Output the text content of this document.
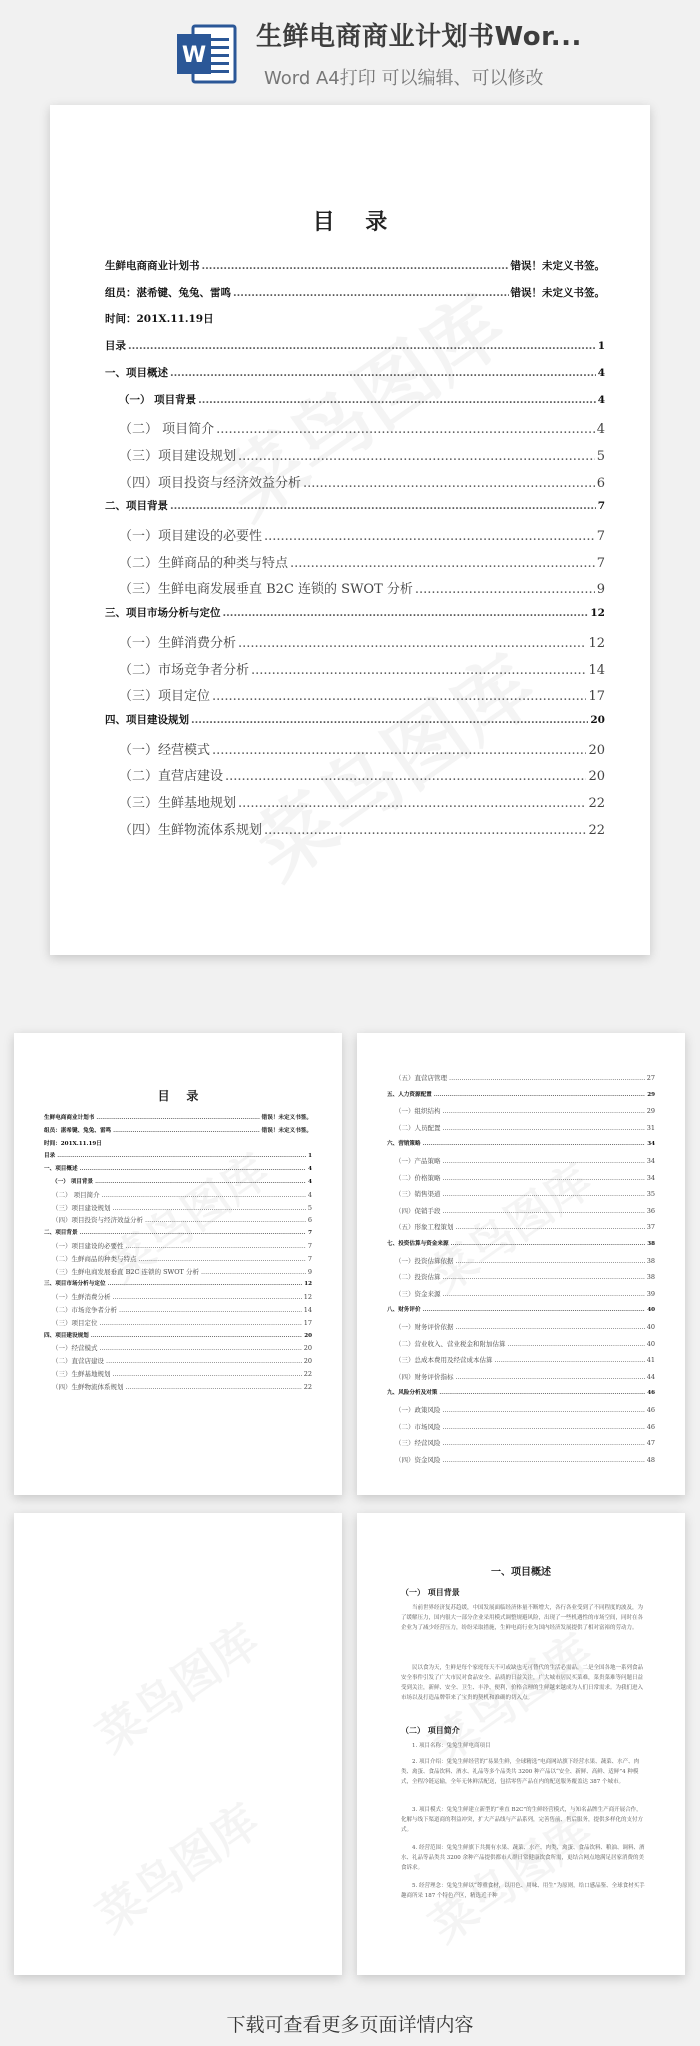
W
生鲜电商商业计划书Wor...
Word A4打印 可以编辑、可以修改
目    录
生鲜电商商业计划书 .....	错误！未定义书签。
组员：湛希键、兔兔、雷鸣 .....	错误！未定义书签。
时间：201X.11.19日
目录 .....	1
一、项目概述 .....	4
（一） 项目背景 .....	4
（二） 项目简介 .....	4
（三）项目建设规划 .....	5
（四）项目投资与经济效益分析 .....	6
二、项目背景 .....	7
（一）项目建设的必要性 .....	7
（二）生鲜商品的种类与特点 .....	7
（三）生鲜电商发展垂直 B2C 连锁的 SWOT 分析 .....	9
三、项目市场分析与定位 .....	12
（一）生鲜消费分析 .....	12
（二）市场竞争者分析 .....	14
（三）项目定位 .....	17
四、项目建设规划 .....	20
（一）经营模式 .....	20
（二）直营店建设 .....	20
（三）生鲜基地规划 .....	22
（四）生鲜物流体系规划 .....	22
目    录
生鲜电商商业计划书 .....	错误！未定义书签。
组员：湛希键、兔兔、雷鸣 .....	错误！未定义书签。
时间：201X.11.19日
目录 .....	1
一、项目概述 .....	4
（一） 项目背景 .....	4
（二） 项目简介 .....	4
（三）项目建设规划 .....	5
（四）项目投资与经济效益分析 .....	6
二、项目背景 .....	7
（一）项目建设的必要性 .....	7
（二）生鲜商品的种类与特点 .....	7
（三）生鲜电商发展垂直 B2C 连锁的 SWOT 分析 .....	9
三、项目市场分析与定位 .....	12
（一）生鲜消费分析 .....	12
（二）市场竞争者分析 .....	14
（三）项目定位 .....	17
四、项目建设规划 .....	20
（一）经营模式 .....	20
（二）直营店建设 .....	20
（三）生鲜基地规划 .....	22
（四）生鲜物流体系规划 .....	22
（五）直营店管理 .....	27
五、人力资源配置 .....	29
（一）组织结构 .....	29
（二）人员配置 .....	31
六、营销策略 .....	34
（一）产品策略 .....	34
（二）价格策略 .....	34
（三）销售渠道 .....	35
（四）促销手段 .....	36
（五）形象工程策划 .....	37
七、投资估算与资金来源 .....	38
（一）投资估算依据 .....	38
（二）投资估算 .....	38
（三）资金来源 .....	39
八、财务评价 .....	40
（一）财务评价依据 .....	40
（二）营业收入、营业税金和附加估算 .....	40
（三）总成本费用及经营成本估算 .....	41
（四）财务评价指标 .....	44
九、风险分析及对策 .....	46
（一）政策风险 .....	46
（二）市场风险 .....	46
（三）经营风险 .....	47
（四）资金风险 .....	48
一、项目概述
（一） 项目背景
当前世界经济复苏趋缓，中国发展面临经济体量不断增大，各行各业受到了不同程度的波及，为了缓解压力，国内很大一部分企业采用模式调整规避风险，出现了一些机遇性的市场空间，同时在各企业为了减少经营压力，纷纷采取措施，生鲜电商行业为国内经济发展提供了相对富裕的劳动力。
民以食为天，生鲜是每个家庭每天不可或缺也无可替代的生活必需品，二是全国各地一系列食品安全事件引发了广大市民对食品安全、品质的日益关注，广大城市居民买菜难，菜贵菜难等问题日益受到关注，新鲜、安全、卫生、丰净、便利，价格合理的生鲜越来越成为人们日常需求。为我们进入市场以及打造品牌带来了宝贵的契机和准确的切入点。
（二） 项目简介
1. 项目名称：兔兔生鲜电商项目
2. 项目介绍：兔兔生鲜经营的“易果生鲜，全球精选”电商网站旗下经营水果、蔬菜、水产、肉类、禽蛋、食品饮料、酒水、礼品等多个品类共 3200 种产品以“安全、新鲜、高鲜、适鲜”4 种模式，全程冷链运输，全年无休鲜活配送，包括零售产品在内的配送服务覆盖达 387 个城市。
3. 项目模式：兔兔生鲜建立新型的“垂直 B2C”的生鲜经营模式，与知名品牌生产商开展合作，化解与线下渠道商的利益冲突，扩大产品线与产品系列，完善售前、售后服务，提供多样化的支付方式。
4. 经营范围：兔兔生鲜旗下共拥有水果、蔬菜、水产、肉类、禽蛋、食品饮料、粮油、调料、酒水、礼品等品类共 3200 余种产品提供都市人群日常健康饮食所需，更结合网点地满足居家消费的美食诉求。
5. 经营理念：兔兔生鲜以“尊重食材，以用色、用味、用生”为原则，给口感品鉴、全球食材买手趣商所采 187 个特色产区，精选近千种
下载可查看更多页面详情内容
